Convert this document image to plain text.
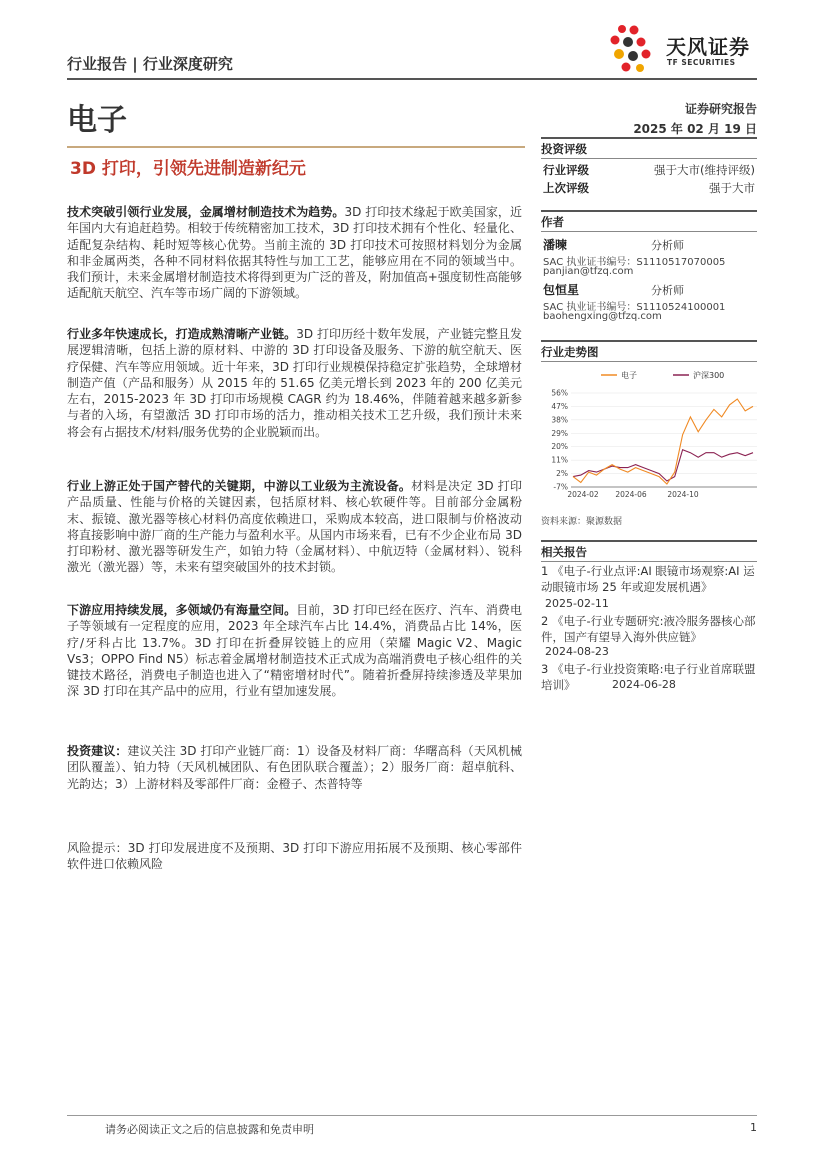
行业报告 | 行业深度研究
天风证券
TF SECURITIES
电子	证券研究报告
2025 年 02 月 19 日
3D 打印，引领先进制造新纪元

技术突破引领行业发展，金属增材制造技术为趋势。3D 打印技术缘起于欧美国家，近年国内大有追赶趋势。相较于传统精密加工技术，3D 打印技术拥有个性化、轻量化、适配复杂结构、耗时短等核心优势。当前主流的 3D 打印技术可按照材料划分为金属和非金属两类，各种不同材料依据其特性与加工工艺，能够应用在不同的领域当中。我们预计，未来金属增材制造技术将得到更为广泛的普及，附加值高+强度韧性高能够适配航天航空、汽车等市场广阔的下游领域。

行业多年快速成长，打造成熟清晰产业链。3D 打印历经十数年发展，产业链完整且发展逻辑清晰，包括上游的原材料、中游的 3D 打印设备及服务、下游的航空航天、医疗保健、汽车等应用领域。近十年来，3D 打印行业规模保持稳定扩张趋势，全球增材制造产值（产品和服务）从 2015 年的 51.65 亿美元增长到 2023 年的 200 亿美元左右，2015-2023 年 3D 打印市场规模 CAGR 约为 18.46%，伴随着越来越多新参与者的入场，有望激活 3D 打印市场的活力，推动相关技术工艺升级，我们预计未来将会有占据技术/材料/服务优势的企业脱颖而出。

行业上游正处于国产替代的关键期，中游以工业级为主流设备。材料是决定 3D 打印产品质量、性能与价格的关键因素，包括原材料、核心软硬件等。目前部分金属粉末、振镜、激光器等核心材料仍高度依赖进口，采购成本较高，进口限制与价格波动将直接影响中游厂商的生产能力与盈利水平。从国内市场来看，已有不少企业布局 3D 打印粉材、激光器等研发生产，如铂力特（金属材料）、中航迈特（金属材料）、锐科激光（激光器）等，未来有望突破国外的技术封锁。

下游应用持续发展，多领域仍有海量空间。目前，3D 打印已经在医疗、汽车、消费电子等领域有一定程度的应用，2023 年全球汽车占比 14.4%，消费品占比 14%，医疗/牙科占比 13.7%。3D 打印在折叠屏铰链上的应用（荣耀 Magic V2、Magic Vs3；OPPO Find N5）标志着金属增材制造技术正式成为高端消费电子核心组件的关键技术路径，消费电子制造也进入了“精密增材时代”。随着折叠屏持续渗透及苹果加深 3D 打印在其产品中的应用，行业有望加速发展。

投资建议：建议关注 3D 打印产业链厂商：1）设备及材料厂商：华曙高科（天风机械团队覆盖）、铂力特（天风机械团队、有色团队联合覆盖）；2）服务厂商：超卓航科、光韵达；3）上游材料及零部件厂商：金橙子、杰普特等

风险提示：3D 打印发展进度不及预期、3D 打印下游应用拓展不及预期、核心零部件软件进口依赖风险

投资评级
行业评级	强于大市(维持评级)
上次评级	强于大市
作者
潘暕	分析师
SAC 执业证书编号：S1110517070005
panjian@tfzq.com
包恒星	分析师
SAC 执业证书编号：S1110524100001
baohengxing@tfzq.com
行业走势图
56%
47%
38%
29%
20%
11%
2%
-7%
2024-02 2024-06	2024-10
电子	沪深300
资料来源：聚源数据
相关报告
1 《电子-行业点评:AI 眼镜市场观察:AI 运动眼镜市场 25 年或迎发展机遇》
2025-02-11
2 《电子-行业专题研究:液冷服务器核心部件，国产有望导入海外供应链》
2024-08-23
3 《电子-行业投资策略:电子行业首席联盟培训》	2024-06-28
请务必阅读正文之后的信息披露和免责申明	1
